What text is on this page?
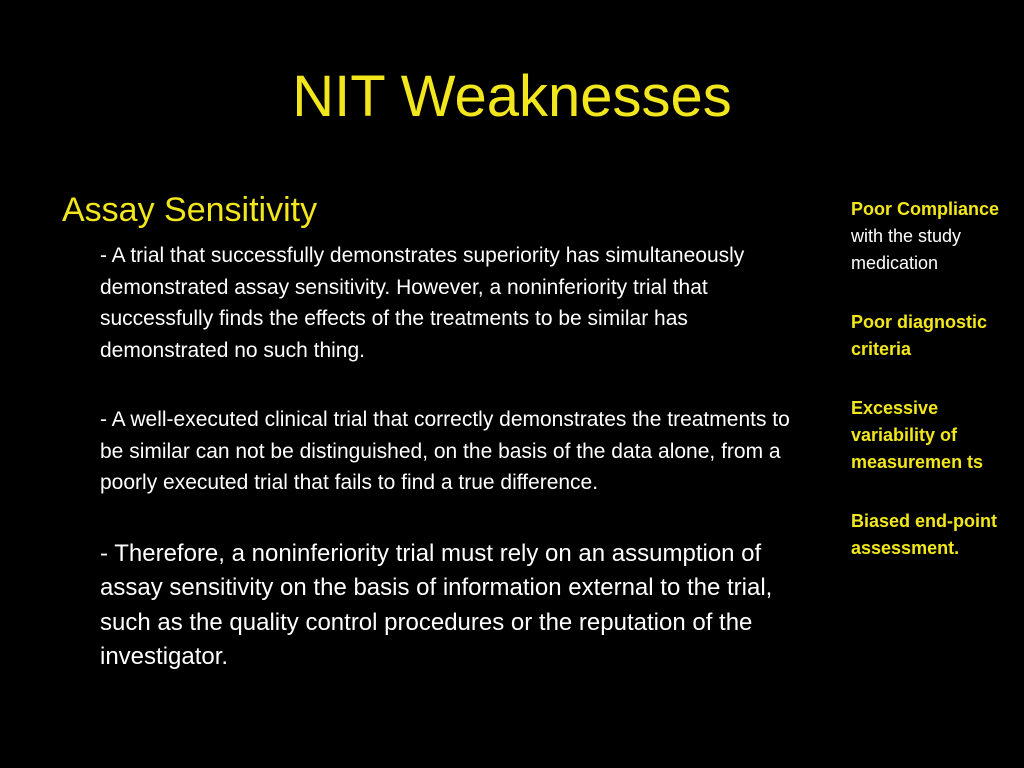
NIT Weaknesses
Assay Sensitivity

- A trial that successfully demonstrates superiority has simultaneously demonstrated assay sensitivity. However, a noninferiority trial that successfully finds the effects of the treatments to be similar has demonstrated no such thing.

- A well-executed clinical trial that correctly demonstrates the treatments to be similar can not be distinguished, on the basis of the data alone, from a poorly executed trial that fails to find a true difference.

- Therefore, a noninferiority trial must rely on an assumption of assay sensitivity on the basis of information external to the trial, such as the quality control procedures or the reputation of the investigator.

Poor Compliance with the study medication
Poor diagnostic criteria
Excessive variability of measuremen ts
Biased end-point assessment.
